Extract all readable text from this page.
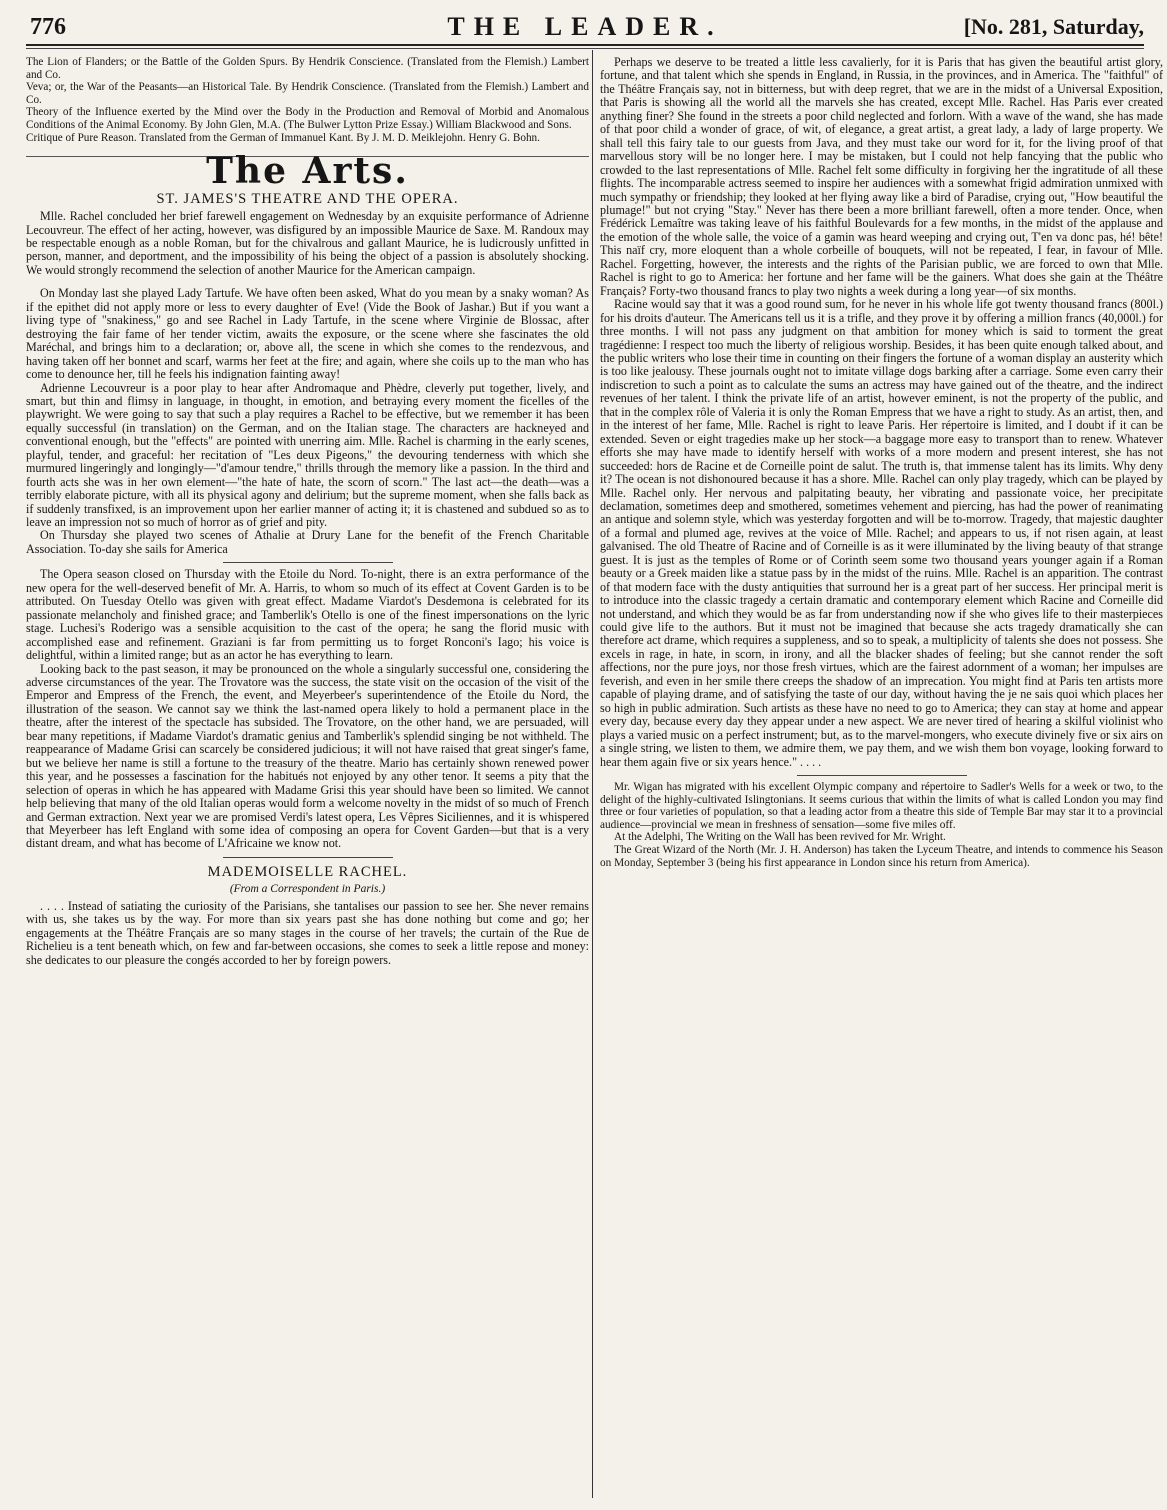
776	THE LEADER.	[No. 281, Saturday,

The Lion of Flanders; or the Battle of the Golden Spurs. By Hendrik Conscience. (Translated from the Flemish.) Lambert and Co.

Veva; or, the War of the Peasants—an Historical Tale. By Hendrik Conscience. (Translated from the Flemish.) Lambert and Co.

Theory of the Influence exerted by the Mind over the Body in the Production and Removal of Morbid and Anomalous Conditions of the Animal Economy. By John Glen, M.A. (The Bulwer Lytton Prize Essay.) William Blackwood and Sons.

Critique of Pure Reason. Translated from the German of Immanuel Kant. By J. M. D. Meiklejohn. Henry G. Bohn.

The Arts.
ST. JAMES'S THEATRE AND THE OPERA.

Mlle. Rachel concluded her brief farewell engagement on Wednesday by an exquisite performance of Adrienne Lecouvreur. The effect of her acting, however, was disfigured by an impossible Maurice de Saxe. M. Randoux may be respectable enough as a noble Roman, but for the chivalrous and gallant Maurice, he is ludicrously unfitted in person, manner, and deportment, and the impossibility of his being the object of a passion is absolutely shocking. We would strongly recommend the selection of another Maurice for the American campaign.

On Monday last she played Lady Tartufe. We have often been asked, What do you mean by a snaky woman? As if the epithet did not apply more or less to every daughter of Eve! (Vide the Book of Jashar.) But if you want a living type of "snakiness," go and see Rachel in Lady Tartufe, in the scene where Virginie de Blossac, after destroying the fair fame of her tender victim, awaits the exposure, or the scene where she fascinates the old Maréchal, and brings him to a declaration; or, above all, the scene in which she comes to the rendezvous, and having taken off her bonnet and scarf, warms her feet at the fire; and again, where she coils up to the man who has come to denounce her, till he feels his indignation fainting away!

Adrienne Lecouvreur is a poor play to hear after Andromaque and Phèdre, cleverly put together, lively, and smart, but thin and flimsy in language, in thought, in emotion, and betraying every moment the ficelles of the playwright. We were going to say that such a play requires a Rachel to be effective, but we remember it has been equally successful (in translation) on the German, and on the Italian stage. The characters are hackneyed and conventional enough, but the "effects" are pointed with unerring aim. Mlle. Rachel is charming in the early scenes, playful, tender, and graceful: her recitation of "Les deux Pigeons," the devouring tenderness with which she murmured lingeringly and longingly—"d'amour tendre," thrills through the memory like a passion. In the third and fourth acts she was in her own element—"the hate of hate, the scorn of scorn." The last act—the death—was a terribly elaborate picture, with all its physical agony and delirium; but the supreme moment, when she falls back as if suddenly transfixed, is an improvement upon her earlier manner of acting it; it is chastened and subdued so as to leave an impression not so much of horror as of grief and pity.

On Thursday she played two scenes of Athalie at Drury Lane for the benefit of the French Charitable Association. To-day she sails for America

The Opera season closed on Thursday with the Etoile du Nord. To-night, there is an extra performance of the new opera for the well-deserved benefit of Mr. A. Harris, to whom so much of its effect at Covent Garden is to be attributed. On Tuesday Otello was given with great effect. Madame Viardot's Desdemona is celebrated for its passionate melancholy and finished grace; and Tamberlik's Otello is one of the finest impersonations on the lyric stage. Luchesi's Roderigo was a sensible acquisition to the cast of the opera; he sang the florid music with accomplished ease and refinement. Graziani is far from permitting us to forget Ronconi's Iago; his voice is delightful, within a limited range; but as an actor he has everything to learn.

Looking back to the past season, it may be pronounced on the whole a singularly successful one, considering the adverse circumstances of the year. The Trovatore was the success, the state visit on the occasion of the visit of the Emperor and Empress of the French, the event, and Meyerbeer's superintendence of the Etoile du Nord, the illustration of the season. We cannot say we think the last-named opera likely to hold a permanent place in the theatre, after the interest of the spectacle has subsided. The Trovatore, on the other hand, we are persuaded, will bear many repetitions, if Madame Viardot's dramatic genius and Tamberlik's splendid singing be not withheld. The reappearance of Madame Grisi can scarcely be considered judicious; it will not have raised that great singer's fame, but we believe her name is still a fortune to the treasury of the theatre. Mario has certainly shown renewed power this year, and he possesses a fascination for the habitués not enjoyed by any other tenor. It seems a pity that the selection of operas in which he has appeared with Madame Grisi this year should have been so limited. We cannot help believing that many of the old Italian operas would form a welcome novelty in the midst of so much of French and German extraction. Next year we are promised Verdi's latest opera, Les Vêpres Siciliennes, and it is whispered that Meyerbeer has left England with some idea of composing an opera for Covent Garden—but that is a very distant dream, and what has become of L'Africaine we know not.

MADEMOISELLE RACHEL.
(From a Correspondent in Paris.)

. . . . Instead of satiating the curiosity of the Parisians, she tantalises our passion to see her. She never remains with us, she takes us by the way. For more than six years past she has done nothing but come and go; her engagements at the Théâtre Français are so many stages in the course of her travels; the curtain of the Rue de Richelieu is a tent beneath which, on few and far-between occasions, she comes to seek a little repose and money: she dedicates to our pleasure the congés accorded to her by foreign powers.

Perhaps we deserve to be treated a little less cavalierly, for it is Paris that has given the beautiful artist glory, fortune, and that talent which she spends in England, in Russia, in the provinces, and in America. The "faithful" of the Théâtre Français say, not in bitterness, but with deep regret, that we are in the midst of a Universal Exposition, that Paris is showing all the world all the marvels she has created, except Mlle. Rachel. Has Paris ever created anything finer? She found in the streets a poor child neglected and forlorn. With a wave of the wand, she has made of that poor child a wonder of grace, of wit, of elegance, a great artist, a great lady, a lady of large property. We shall tell this fairy tale to our guests from Java, and they must take our word for it, for the living proof of that marvellous story will be no longer here. I may be mistaken, but I could not help fancying that the public who crowded to the last representations of Mlle. Rachel felt some difficulty in forgiving her the ingratitude of all these flights. The incomparable actress seemed to inspire her audiences with a somewhat frigid admiration unmixed with much sympathy or friendship; they looked at her flying away like a bird of Paradise, crying out, "How beautiful the plumage!" but not crying "Stay." Never has there been a more brilliant farewell, often a more tender. Once, when Frédérick Lemaître was taking leave of his faithful Boulevards for a few months, in the midst of the applause and the emotion of the whole salle, the voice of a gamin was heard weeping and crying out, T'en va donc pas, hé! bête! This naïf cry, more eloquent than a whole corbeille of bouquets, will not be repeated, I fear, in favour of Mlle. Rachel. Forgetting, however, the interests and the rights of the Parisian public, we are forced to own that Mlle. Rachel is right to go to America: her fortune and her fame will be the gainers. What does she gain at the Théâtre Français? Forty-two thousand francs to play two nights a week during a long year—of six months.

Racine would say that it was a good round sum, for he never in his whole life got twenty thousand francs (800l.) for his droits d'auteur. The Americans tell us it is a trifle, and they prove it by offering a million francs (40,000l.) for three months. I will not pass any judgment on that ambition for money which is said to torment the great tragédienne: I respect too much the liberty of religious worship. Besides, it has been quite enough talked about, and the public writers who lose their time in counting on their fingers the fortune of a woman display an austerity which is too like jealousy. These journals ought not to imitate village dogs barking after a carriage. Some even carry their indiscretion to such a point as to calculate the sums an actress may have gained out of the theatre, and the indirect revenues of her talent. I think the private life of an artist, however eminent, is not the property of the public, and that in the complex rôle of Valeria it is only the Roman Empress that we have a right to study. As an artist, then, and in the interest of her fame, Mlle. Rachel is right to leave Paris. Her répertoire is limited, and I doubt if it can be extended. Seven or eight tragedies make up her stock—a baggage more easy to transport than to renew. Whatever efforts she may have made to identify herself with works of a more modern and present interest, she has not succeeded: hors de Racine et de Corneille point de salut. The truth is, that immense talent has its limits. Why deny it? The ocean is not dishonoured because it has a shore. Mlle. Rachel can only play tragedy, which can be played by Mlle. Rachel only. Her nervous and palpitating beauty, her vibrating and passionate voice, her precipitate declamation, sometimes deep and smothered, sometimes vehement and piercing, has had the power of reanimating an antique and solemn style, which was yesterday forgotten and will be to-morrow. Tragedy, that majestic daughter of a formal and plumed age, revives at the voice of Mlle. Rachel; and appears to us, if not risen again, at least galvanised. The old Theatre of Racine and of Corneille is as it were illuminated by the living beauty of that strange guest. It is just as the temples of Rome or of Corinth seem some two thousand years younger again if a Roman beauty or a Greek maiden like a statue pass by in the midst of the ruins. Mlle. Rachel is an apparition. The contrast of that modern face with the dusty antiquities that surround her is a great part of her success. Her principal merit is to introduce into the classic tragedy a certain dramatic and contemporary element which Racine and Corneille did not understand, and which they would be as far from understanding now if she who gives life to their masterpieces could give life to the authors. But it must not be imagined that because she acts tragedy dramatically she can therefore act drame, which requires a suppleness, and so to speak, a multiplicity of talents she does not possess. She excels in rage, in hate, in scorn, in irony, and all the blacker shades of feeling; but she cannot render the soft affections, nor the pure joys, nor those fresh virtues, which are the fairest adornment of a woman; her impulses are feverish, and even in her smile there creeps the shadow of an imprecation. You might find at Paris ten artists more capable of playing drame, and of satisfying the taste of our day, without having the je ne sais quoi which places her so high in public admiration. Such artists as these have no need to go to America; they can stay at home and appear every day, because every day they appear under a new aspect. We are never tired of hearing a skilful violinist who plays a varied music on a perfect instrument; but, as to the marvel-mongers, who execute divinely five or six airs on a single string, we listen to them, we admire them, we pay them, and we wish them bon voyage, looking forward to hear them again five or six years hence." . . . .

Mr. Wigan has migrated with his excellent Olympic company and répertoire to Sadler's Wells for a week or two, to the delight of the highly-cultivated Islingtonians. It seems curious that within the limits of what is called London you may find three or four varieties of population, so that a leading actor from a theatre this side of Temple Bar may star it to a provincial audience—provincial we mean in freshness of sensation—some five miles off.

At the Adelphi, The Writing on the Wall has been revived for Mr. Wright.

The Great Wizard of the North (Mr. J. H. Anderson) has taken the Lyceum Theatre, and intends to commence his Season on Monday, September 3 (being his first appearance in London since his return from America).
